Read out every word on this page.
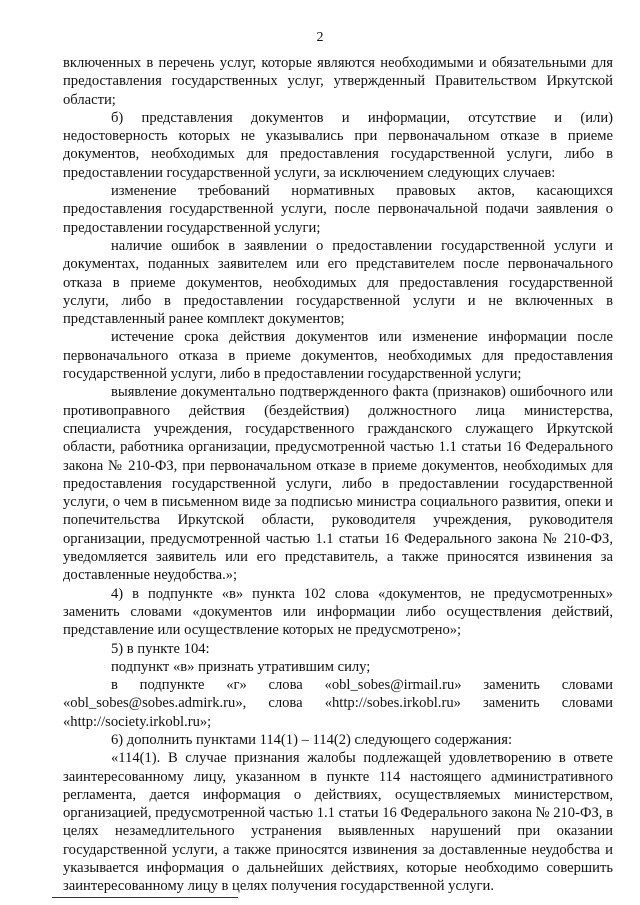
2

включенных в перечень услуг, которые являются необходимыми и обязательными для предоставления государственных услуг, утвержденный Правительством Иркутской области;

б) представления документов и информации, отсутствие и (или) недостоверность которых не указывались при первоначальном отказе в приеме документов, необходимых для предоставления государственной услуги, либо в предоставлении государственной услуги, за исключением следующих случаев:

изменение требований нормативных правовых актов, касающихся предоставления государственной услуги, после первоначальной подачи заявления о предоставлении государственной услуги;

наличие ошибок в заявлении о предоставлении государственной услуги и документах, поданных заявителем или его представителем после первоначального отказа в приеме документов, необходимых для предоставления государственной услуги, либо в предоставлении государственной услуги и не включенных в представленный ранее комплект документов;

истечение срока действия документов или изменение информации после первоначального отказа в приеме документов, необходимых для предоставления государственной услуги, либо в предоставлении государственной услуги;

выявление документально подтвержденного факта (признаков) ошибочного или противоправного действия (бездействия) должностного лица министерства, специалиста учреждения, государственного гражданского служащего Иркутской области, работника организации, предусмотренной частью 1.1 статьи 16 Федерального закона № 210-ФЗ, при первоначальном отказе в приеме документов, необходимых для предоставления государственной услуги, либо в предоставлении государственной услуги, о чем в письменном виде за подписью министра социального развития, опеки и попечительства Иркутской области, руководителя учреждения, руководителя организации, предусмотренной частью 1.1 статьи 16 Федерального закона № 210-ФЗ, уведомляется заявитель или его представитель, а также приносятся извинения за доставленные неудобства.»;

4) в подпункте «в» пункта 102 слова «документов, не предусмотренных» заменить словами «документов или информации либо осуществления действий, представление или осуществление которых не предусмотрено»;

5) в пункте 104:

подпункт «в» признать утратившим силу;

в подпункте «г» слова «obl_sobes@irmail.ru» заменить словами «obl_sobes@sobes.admirk.ru», слова «http://sobes.irkobl.ru» заменить словами «http://society.irkobl.ru»;

6) дополнить пунктами 114(1) – 114(2) следующего содержания:

«114(1). В случае признания жалобы подлежащей удовлетворению в ответе заинтересованному лицу, указанном в пункте 114 настоящего административного регламента, дается информация о действиях, осуществляемых министерством, организацией, предусмотренной частью 1.1 статьи 16 Федерального закона № 210-ФЗ, в целях незамедлительного устранения выявленных нарушений при оказании государственной услуги, а также приносятся извинения за доставленные неудобства и указывается информация о дальнейших действиях, которые необходимо совершить заинтересованному лицу в целях получения государственной услуги.
